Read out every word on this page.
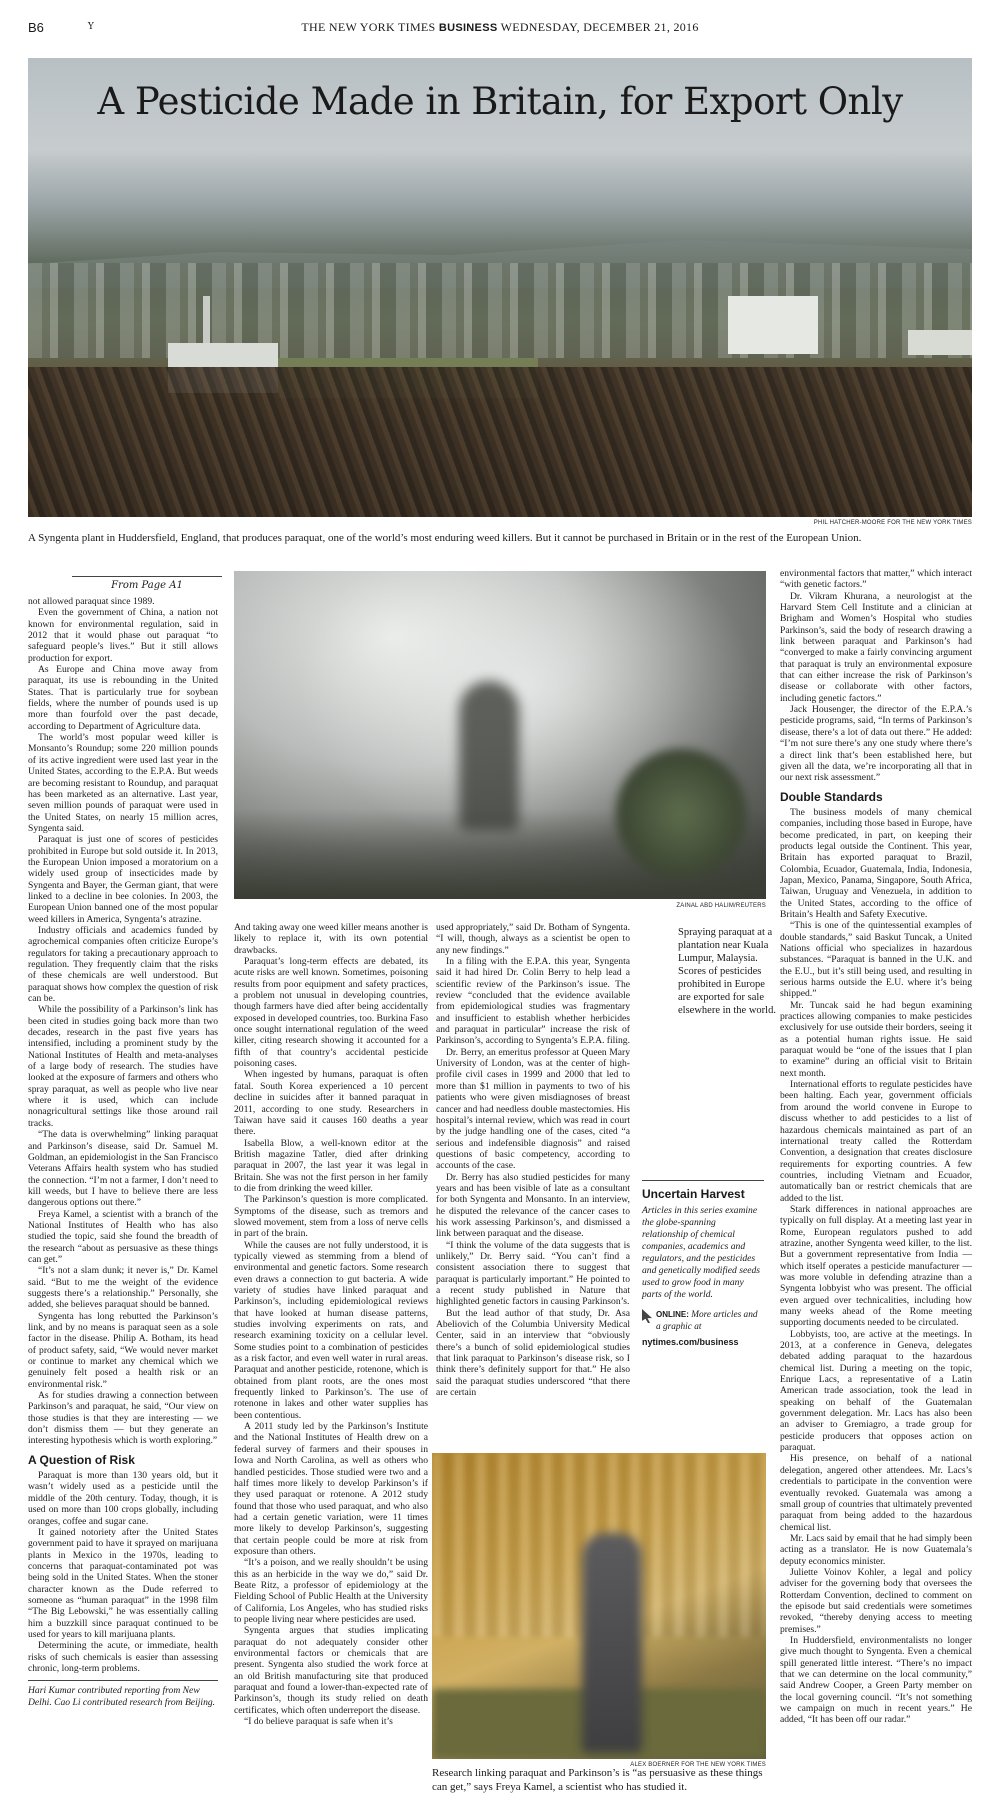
B6	Y	THE NEW YORK TIMES BUSINESS WEDNESDAY, DECEMBER 21, 2016
A Pesticide Made in Britain, for Export Only
PHIL HATCHER-MOORE FOR THE NEW YORK TIMES
A Syngenta plant in Huddersfield, England, that produces paraquat, one of the world’s most enduring weed killers. But it cannot be purchased in Britain or in the rest of the European Union.
From Page A1

not allowed paraquat since 1989.

Even the government of China, a nation not known for environmental regulation, said in 2012 that it would phase out paraquat “to safeguard people’s lives.” But it still allows production for export.

As Europe and China move away from paraquat, its use is rebounding in the United States. That is particularly true for soybean fields, where the number of pounds used is up more than fourfold over the past decade, according to Department of Agriculture data.

The world’s most popular weed killer is Monsanto’s Roundup; some 220 million pounds of its active ingredient were used last year in the United States, according to the E.P.A. But weeds are becoming resistant to Roundup, and paraquat has been marketed as an alternative. Last year, seven million pounds of paraquat were used in the United States, on nearly 15 million acres, Syngenta said.

Paraquat is just one of scores of pesticides prohibited in Europe but sold outside it. In 2013, the European Union imposed a moratorium on a widely used group of insecticides made by Syngenta and Bayer, the German giant, that were linked to a decline in bee colonies. In 2003, the European Union banned one of the most popular weed killers in America, Syngenta’s atrazine.

Industry officials and academics funded by agrochemical companies often criticize Europe’s regulators for taking a precautionary approach to regulation. They frequently claim that the risks of these chemicals are well understood. But paraquat shows how complex the question of risk can be.

While the possibility of a Parkinson’s link has been cited in studies going back more than two decades, research in the past five years has intensified, including a prominent study by the National Institutes of Health and meta-analyses of a large body of research. The studies have looked at the exposure of farmers and others who spray paraquat, as well as people who live near where it is used, which can include nonagricultural settings like those around rail tracks.

“The data is overwhelming” linking paraquat and Parkinson’s disease, said Dr. Samuel M. Goldman, an epidemiologist in the San Francisco Veterans Affairs health system who has studied the connection. “I’m not a farmer, I don’t need to kill weeds, but I have to believe there are less dangerous options out there.”

Freya Kamel, a scientist with a branch of the National Institutes of Health who has also studied the topic, said she found the breadth of the research “about as persuasive as these things can get.”

“It’s not a slam dunk; it never is,” Dr. Kamel said. “But to me the weight of the evidence suggests there’s a relationship.” Personally, she added, she believes paraquat should be banned.

Syngenta has long rebutted the Parkinson’s link, and by no means is paraquat seen as a sole factor in the disease. Philip A. Botham, its head of product safety, said, “We would never market or continue to market any chemical which we genuinely felt posed a health risk or an environmental risk.”

As for studies drawing a connection between Parkinson’s and paraquat, he said, “Our view on those studies is that they are interesting — we don’t dismiss them — but they generate an interesting hypothesis which is worth exploring.”

A Question of Risk

Paraquat is more than 130 years old, but it wasn’t widely used as a pesticide until the middle of the 20th century. Today, though, it is used on more than 100 crops globally, including oranges, coffee and sugar cane.

It gained notoriety after the United States government paid to have it sprayed on marijuana plants in Mexico in the 1970s, leading to concerns that paraquat-contaminated pot was being sold in the United States. When the stoner character known as the Dude referred to someone as “human paraquat” in the 1998 film “The Big Lebowski,” he was essentially calling him a buzzkill since paraquat continued to be used for years to kill marijuana plants.

Determining the acute, or immediate, health risks of such chemicals is easier than assessing chronic, long-term problems.

Hari Kumar contributed reporting from New Delhi. Cao Li contributed research from Beijing.

ZAINAL ABD HALIM/REUTERS

And taking away one weed killer means another is likely to replace it, with its own potential drawbacks.

Paraquat’s long-term effects are debated, its acute risks are well known. Sometimes, poisoning results from poor equipment and safety practices, a problem not unusual in developing countries, though farmers have died after being accidentally exposed in developed countries, too. Burkina Faso once sought international regulation of the weed killer, citing research showing it accounted for a fifth of that country’s accidental pesticide poisoning cases.

When ingested by humans, paraquat is often fatal. South Korea experienced a 10 percent decline in suicides after it banned paraquat in 2011, according to one study. Researchers in Taiwan have said it causes 160 deaths a year there.

Isabella Blow, a well-known editor at the British magazine Tatler, died after drinking paraquat in 2007, the last year it was legal in Britain. She was not the first person in her family to die from drinking the weed killer.

The Parkinson’s question is more complicated. Symptoms of the disease, such as tremors and slowed movement, stem from a loss of nerve cells in part of the brain.

While the causes are not fully understood, it is typically viewed as stemming from a blend of environmental and genetic factors. Some research even draws a connection to gut bacteria. A wide variety of studies have linked paraquat and Parkinson’s, including epidemiological reviews that have looked at human disease patterns, studies involving experiments on rats, and research examining toxicity on a cellular level. Some studies point to a combination of pesticides as a risk factor, and even well water in rural areas. Paraquat and another pesticide, rotenone, which is obtained from plant roots, are the ones most frequently linked to Parkinson’s. The use of rotenone in lakes and other water supplies has been contentious.

A 2011 study led by the Parkinson’s Institute and the National Institutes of Health drew on a federal survey of farmers and their spouses in Iowa and North Carolina, as well as others who handled pesticides. Those studied were two and a half times more likely to develop Parkinson’s if they used paraquat or rotenone. A 2012 study found that those who used paraquat, and who also had a certain genetic variation, were 11 times more likely to develop Parkinson’s, suggesting that certain people could be more at risk from exposure than others.

“It’s a poison, and we really shouldn’t be using this as an herbicide in the way we do,” said Dr. Beate Ritz, a professor of epidemiology at the Fielding School of Public Health at the University of California, Los Angeles, who has studied risks to people living near where pesticides are used.

Syngenta argues that studies implicating paraquat do not adequately consider other environmental factors or chemicals that are present. Syngenta also studied the work force at an old British manufacturing site that produced paraquat and found a lower-than-expected rate of Parkinson’s, though its study relied on death certificates, which often underreport the disease.

“I do believe paraquat is safe when it’s

used appropriately,” said Dr. Botham of Syngenta. “I will, though, always as a scientist be open to any new findings.”

In a filing with the E.P.A. this year, Syngenta said it had hired Dr. Colin Berry to help lead a scientific review of the Parkinson’s issue. The review “concluded that the evidence available from epidemiological studies was fragmentary and insufficient to establish whether herbicides and paraquat in particular” increase the risk of Parkinson’s, according to Syngenta’s E.P.A. filing.

Dr. Berry, an emeritus professor at Queen Mary University of London, was at the center of high-profile civil cases in 1999 and 2000 that led to more than $1 million in payments to two of his patients who were given misdiagnoses of breast cancer and had needless double mastectomies. His hospital’s internal review, which was read in court by the judge handling one of the cases, cited “a serious and indefensible diagnosis” and raised questions of basic competency, according to accounts of the case.

Dr. Berry has also studied pesticides for many years and has been visible of late as a consultant for both Syngenta and Monsanto. In an interview, he disputed the relevance of the cancer cases to his work assessing Parkinson’s, and dismissed a link between paraquat and the disease.

“I think the volume of the data suggests that is unlikely,” Dr. Berry said. “You can’t find a consistent association there to suggest that paraquat is particularly important.” He pointed to a recent study published in Nature that highlighted genetic factors in causing Parkinson’s.

But the lead author of that study, Dr. Asa Abeliovich of the Columbia University Medical Center, said in an interview that “obviously there’s a bunch of solid epidemiological studies that link paraquat to Parkinson’s disease risk, so I think there’s definitely support for that.” He also said the paraquat studies underscored “that there are certain

Spraying paraquat at a plantation near Kuala Lumpur, Malaysia. Scores of pesticides prohibited in Europe are exported for sale elsewhere in the world.
Uncertain Harvest
Articles in this series examine the globe-spanning relationship of chemical companies, academics and regulators, and the pesticides and genetically modified seeds used to grow food in many parts of the world.
ONLINE: More articles and a graphic at
nytimes.com/business
ALEX BOERNER FOR THE NEW YORK TIMES
Research linking paraquat and Parkinson’s is “as persuasive as these things can get,” says Freya Kamel, a scientist who has studied it.

environmental factors that matter,” which interact “with genetic factors.”

Dr. Vikram Khurana, a neurologist at the Harvard Stem Cell Institute and a clinician at Brigham and Women’s Hospital who studies Parkinson’s, said the body of research drawing a link between paraquat and Parkinson’s had “converged to make a fairly convincing argument that paraquat is truly an environmental exposure that can either increase the risk of Parkinson’s disease or collaborate with other factors, including genetic factors.”

Jack Housenger, the director of the E.P.A.’s pesticide programs, said, “In terms of Parkinson’s disease, there’s a lot of data out there.” He added: “I’m not sure there’s any one study where there’s a direct link that’s been established here, but given all the data, we’re incorporating all that in our next risk assessment.”

Double Standards

The business models of many chemical companies, including those based in Europe, have become predicated, in part, on keeping their products legal outside the Continent. This year, Britain has exported paraquat to Brazil, Colombia, Ecuador, Guatemala, India, Indonesia, Japan, Mexico, Panama, Singapore, South Africa, Taiwan, Uruguay and Venezuela, in addition to the United States, according to the office of Britain’s Health and Safety Executive.

“This is one of the quintessential examples of double standards,” said Baskut Tuncak, a United Nations official who specializes in hazardous substances. “Paraquat is banned in the U.K. and the E.U., but it’s still being used, and resulting in serious harms outside the E.U. where it’s being shipped.”

Mr. Tuncak said he had begun examining practices allowing companies to make pesticides exclusively for use outside their borders, seeing it as a potential human rights issue. He said paraquat would be “one of the issues that I plan to examine” during an official visit to Britain next month.

International efforts to regulate pesticides have been halting. Each year, government officials from around the world convene in Europe to discuss whether to add pesticides to a list of hazardous chemicals maintained as part of an international treaty called the Rotterdam Convention, a designation that creates disclosure requirements for exporting countries. A few countries, including Vietnam and Ecuador, automatically ban or restrict chemicals that are added to the list.

Stark differences in national approaches are typically on full display. At a meeting last year in Rome, European regulators pushed to add atrazine, another Syngenta weed killer, to the list. But a government representative from India — which itself operates a pesticide manufacturer — was more voluble in defending atrazine than a Syngenta lobbyist who was present. The official even argued over technicalities, including how many weeks ahead of the Rome meeting supporting documents needed to be circulated.

Lobbyists, too, are active at the meetings. In 2013, at a conference in Geneva, delegates debated adding paraquat to the hazardous chemical list. During a meeting on the topic, Enrique Lacs, a representative of a Latin American trade association, took the lead in speaking on behalf of the Guatemalan government delegation. Mr. Lacs has also been an adviser to Gremiagro, a trade group for pesticide producers that opposes action on paraquat.

His presence, on behalf of a national delegation, angered other attendees. Mr. Lacs’s credentials to participate in the convention were eventually revoked. Guatemala was among a small group of countries that ultimately prevented paraquat from being added to the hazardous chemical list.

Mr. Lacs said by email that he had simply been acting as a translator. He is now Guatemala’s deputy economics minister.

Juliette Voinov Kohler, a legal and policy adviser for the governing body that oversees the Rotterdam Convention, declined to comment on the episode but said credentials were sometimes revoked, “thereby denying access to meeting premises.”

In Huddersfield, environmentalists no longer give much thought to Syngenta. Even a chemical spill generated little interest. “There’s no impact that we can determine on the local community,” said Andrew Cooper, a Green Party member on the local governing council. “It’s not something we campaign on much in recent years.” He added, “It has been off our radar.”
